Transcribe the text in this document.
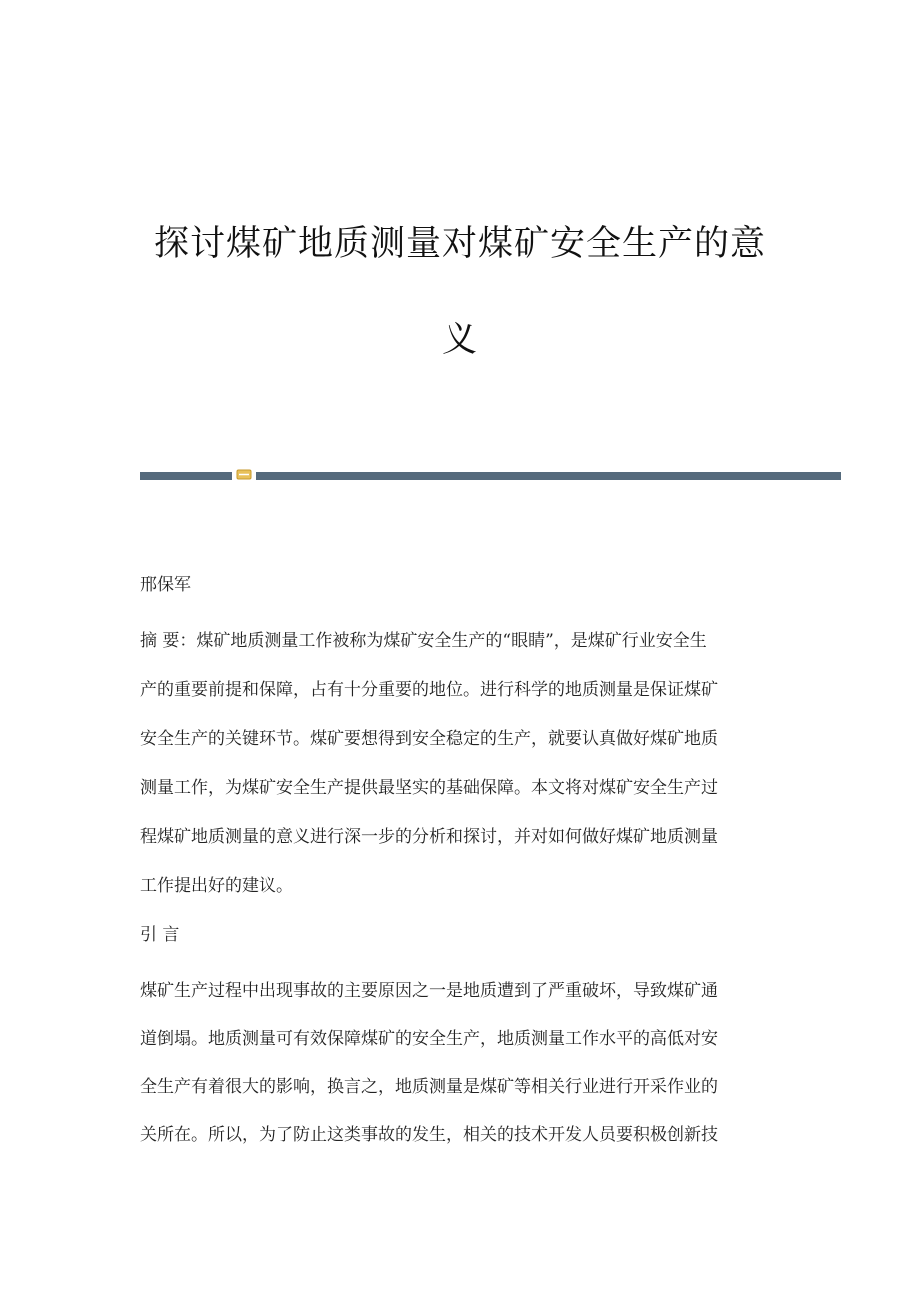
探讨煤矿地质测量对煤矿安全生产的意
义

邢保军

摘 要：煤矿地质测量工作被称为煤矿安全生产的“眼睛”，是煤矿行业安全生
产的重要前提和保障，占有十分重要的地位。进行科学的地质测量是保证煤矿
安全生产的关键环节。煤矿要想得到安全稳定的生产，就要认真做好煤矿地质
测量工作，为煤矿安全生产提供最坚实的基础保障。本文将对煤矿安全生产过
程煤矿地质测量的意义进行深一步的分析和探讨，并对如何做好煤矿地质测量
工作提出好的建议。

引 言

煤矿生产过程中出现事故的主要原因之一是地质遭到了严重破坏，导致煤矿通
道倒塌。地质测量可有效保障煤矿的安全生产，地质测量工作水平的高低对安
全生产有着很大的影响，换言之，地质测量是煤矿等相关行业进行开采作业的
关所在。所以，为了防止这类事故的发生，相关的技术开发人员要积极创新技
